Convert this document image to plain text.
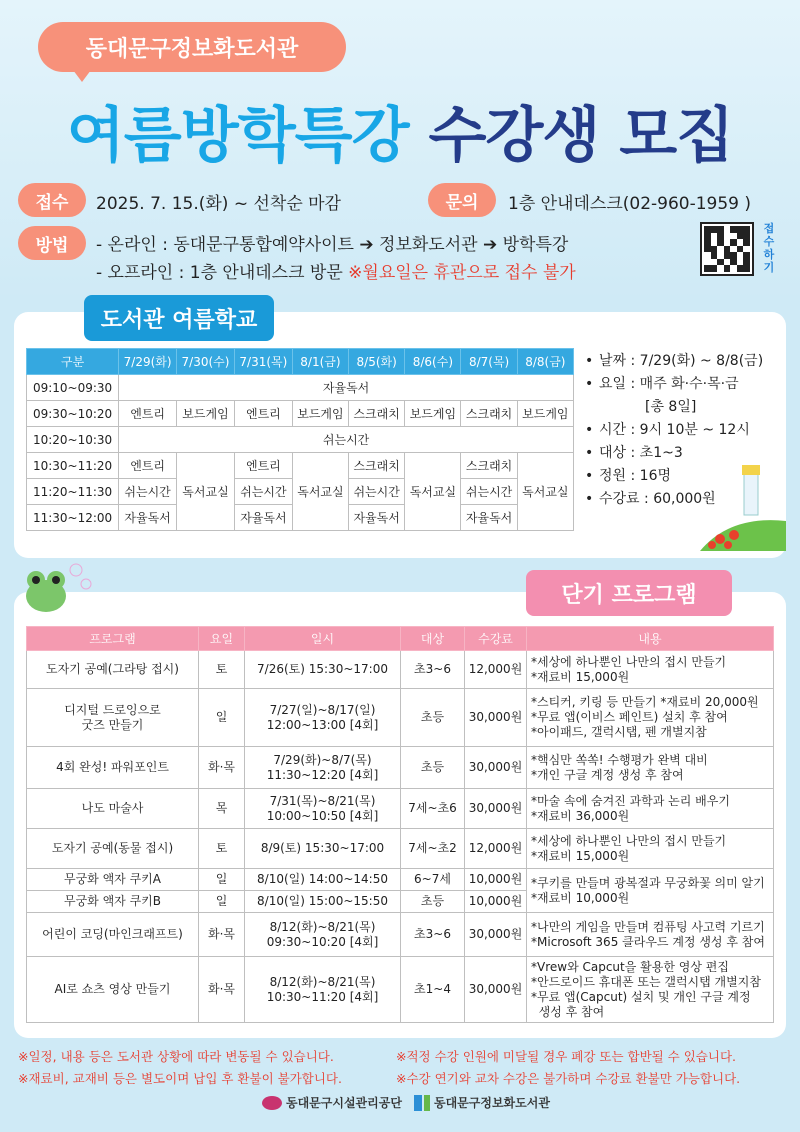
동대문구정보화도서관
여름방학특강 수강생 모집
접수	2025. 7. 15.(화) ~ 선착순 마감	문의	1층 안내데스크(02-960-1959 )
방법	- 온라인 : 동대문구통합예약사이트 ➔ 정보화도서관 ➔ 방학특강
- 오프라인 : 1층 안내데스크 방문 ※월요일은 휴관으로 접수 불가
접수하기
도서관 여름학교
구분	7/29(화)	7/30(수)	7/31(목)	8/1(금)	8/5(화)	8/6(수)	8/7(목)	8/8(금)
09:10~09:30	자율독서							
09:30~10:20	엔트리	보드게임	엔트리	보드게임	스크래치	보드게임	스크래치	보드게임
10:20~10:30	쉬는시간							
10:30~11:20	엔트리	독서교실	엔트리	독서교실	스크래치	독서교실	스크래치	독서교실
11:20~11:30	쉬는시간		쉬는시간		쉬는시간		쉬는시간	
11:30~12:00	자율독서		자율독서		자율독서		자율독서	
• 날짜 : 7/29(화) ~ 8/8(금)
• 요일 : 매주 화·수·목·금
[총 8일]
• 시간 : 9시 10분 ~ 12시
• 대상 : 초1~3
• 정원 : 16명
• 수강료 : 60,000원
단기 프로그램
프로그램	요일	일시	대상	수강료	내용
도자기 공예(그라탕 접시)	토	7/26(토) 15:30~17:00	초3~6	12,000원	*세상에 하나뿐인 나만의 접시 만들기
*재료비 15,000원
디지털 드로잉으로
굿즈 만들기	일	7/27(일)~8/17(일)
12:00~13:00 [4회]	초등	30,000원	*스티커, 키링 등 만들기 *재료비 20,000원
*무료 앱(이비스 페인트) 설치 후 참여
*아이패드, 갤럭시탭, 펜 개별지참
4회 완성! 파워포인트	화·목	7/29(화)~8/7(목)
11:30~12:20 [4회]	초등	30,000원	*핵심만 쏙쏙! 수행평가 완벽 대비
*개인 구글 계정 생성 후 참여
나도 마술사	목	7/31(목)~8/21(목)
10:00~10:50 [4회]	7세~초6	30,000원	*마술 속에 숨겨진 과학과 논리 배우기
*재료비 36,000원
도자기 공예(동물 접시)	토	8/9(토) 15:30~17:00	7세~초2	12,000원	*세상에 하나뿐인 나만의 접시 만들기
*재료비 15,000원
무궁화 액자 쿠키A	일	8/10(일) 14:00~14:50	6~7세	10,000원	*쿠키를 만들며 광복절과 무궁화꽃 의미 알기
*재료비 10,000원
무궁화 액자 쿠키B	일	8/10(일) 15:00~15:50	초등	10,000원	
어린이 코딩(마인크래프트)	화·목	8/12(화)~8/21(목)
09:30~10:20 [4회]	초3~6	30,000원	*나만의 게임을 만들며 컴퓨팅 사고력 기르기
*Microsoft 365 클라우드 계정 생성 후 참여
AI로 쇼츠 영상 만들기	화·목	8/12(화)~8/21(목)
10:30~11:20 [4회]	초1~4	30,000원	*Vrew와 Capcut을 활용한 영상 편집
*안드로이드 휴대폰 또는 갤럭시탭 개별지참
*무료 앱(Capcut) 설치 및 개인 구글 계정
생성 후 참여
※일정, 내용 등은 도서관 상황에 따라 변동될 수 있습니다.
※재료비, 교재비 등은 별도이며 납입 후 환불이 불가합니다.
※적정 수강 인원에 미달될 경우 폐강 또는 합반될 수 있습니다.
※수강 연기와 교차 수강은 불가하며 수강료 환불만 가능합니다.
동대문구시설관리공단	동대문구정보화도서관
